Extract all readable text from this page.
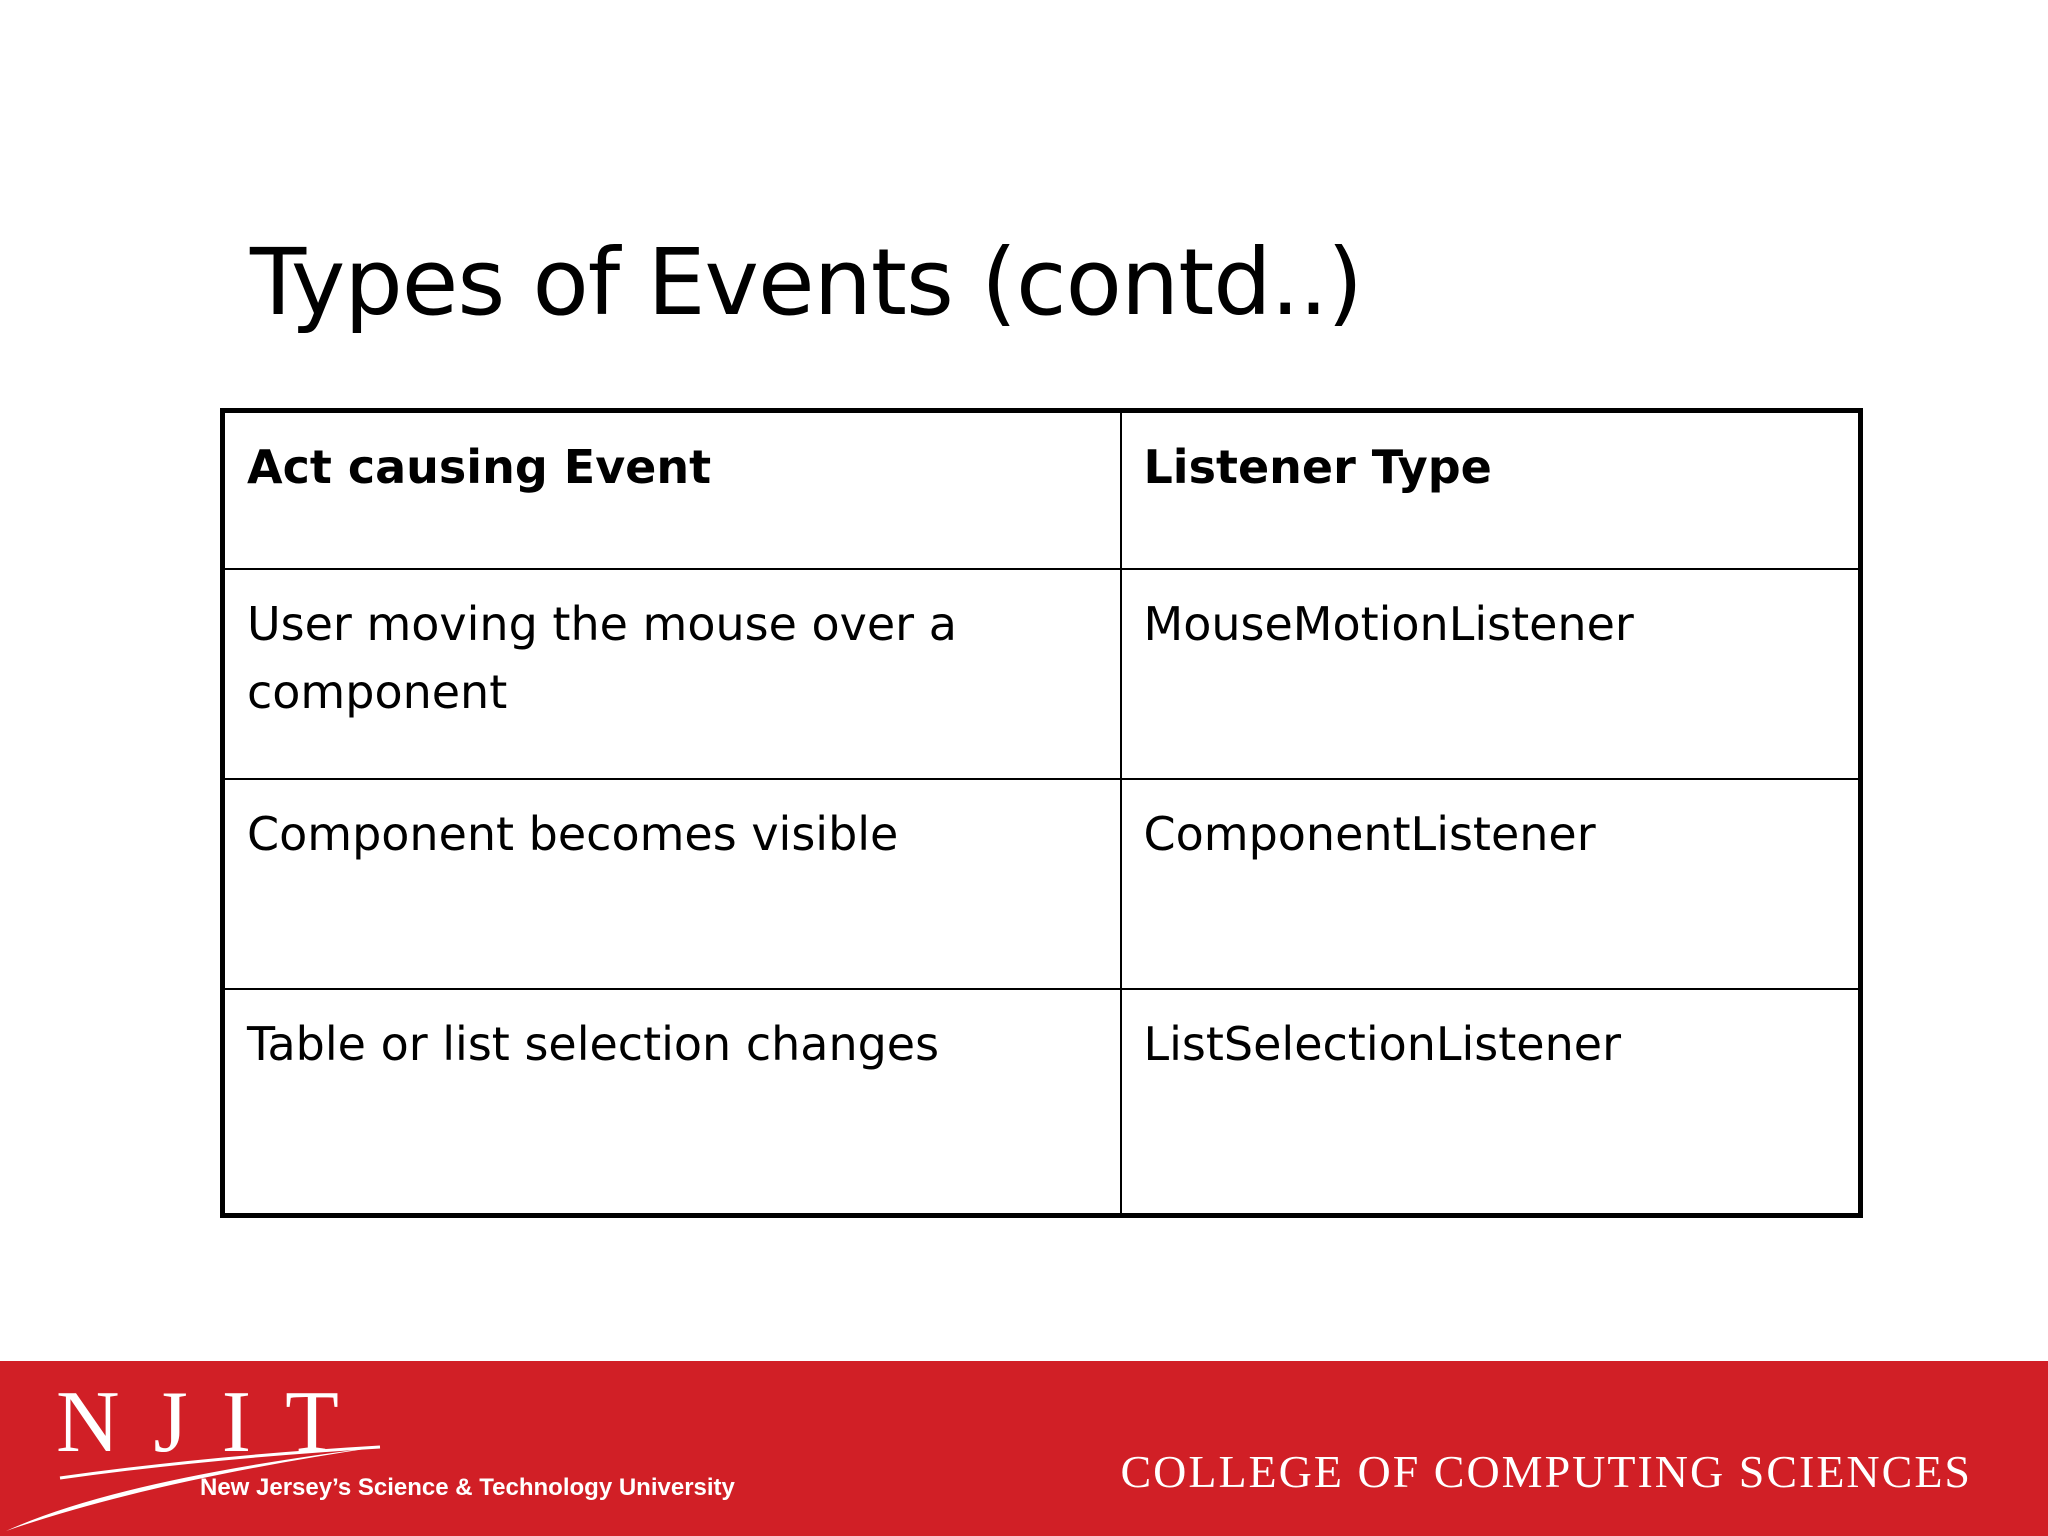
Types of Events (contd..)
Act causing Event	Listener Type
User moving the mouse over a component	MouseMotionListener
Component becomes visible	ComponentListener
Table or list selection changes	ListSelectionListener
NJIT
New Jersey’s Science & Technology University	COLLEGE OF COMPUTING SCIENCES
